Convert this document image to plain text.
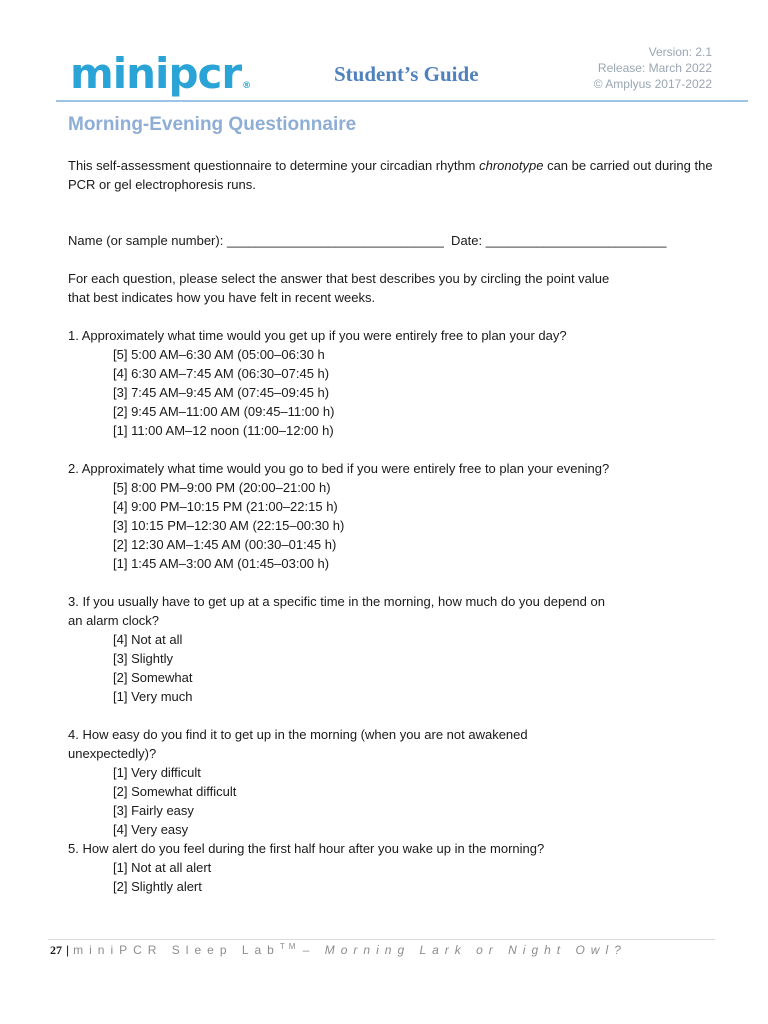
minipcr®	Student’s Guide
Version: 2.1
Release: March 2022
© Amplyus 2017-2022
Morning-Evening Questionnaire

This self-assessment questionnaire to determine your circadian rhythm chronotype can be carried out during the PCR or gel electrophoresis runs.

Name (or sample number): ______________________________  Date: _________________________

For each question, please select the answer that best describes you by circling the point value that best indicates how you have felt in recent weeks.

1. Approximately what time would you get up if you were entirely free to plan your day?
[5] 5:00 AM–6:30 AM (05:00–06:30 h
[4] 6:30 AM–7:45 AM (06:30–07:45 h)
[3] 7:45 AM–9:45 AM (07:45–09:45 h)
[2] 9:45 AM–11:00 AM (09:45–11:00 h)
[1] 11:00 AM–12 noon (11:00–12:00 h)
2. Approximately what time would you go to bed if you were entirely free to plan your evening?
[5] 8:00 PM–9:00 PM (20:00–21:00 h)
[4] 9:00 PM–10:15 PM (21:00–22:15 h)
[3] 10:15 PM–12:30 AM (22:15–00:30 h)
[2] 12:30 AM–1:45 AM (00:30–01:45 h)
[1] 1:45 AM–3:00 AM (01:45–03:00 h)
3. If you usually have to get up at a specific time in the morning, how much do you depend on an alarm clock?
[4] Not at all
[3] Slightly
[2] Somewhat
[1] Very much
4. How easy do you find it to get up in the morning (when you are not awakened unexpectedly)?
[1] Very difficult
[2] Somewhat difficult
[3] Fairly easy
[4] Very easy
5. How alert do you feel during the first half hour after you wake up in the morning?
[1] Not at all alert
[2] Slightly alert
27 | miniPCR Sleep Lab™ – Morning Lark or Night Owl?
